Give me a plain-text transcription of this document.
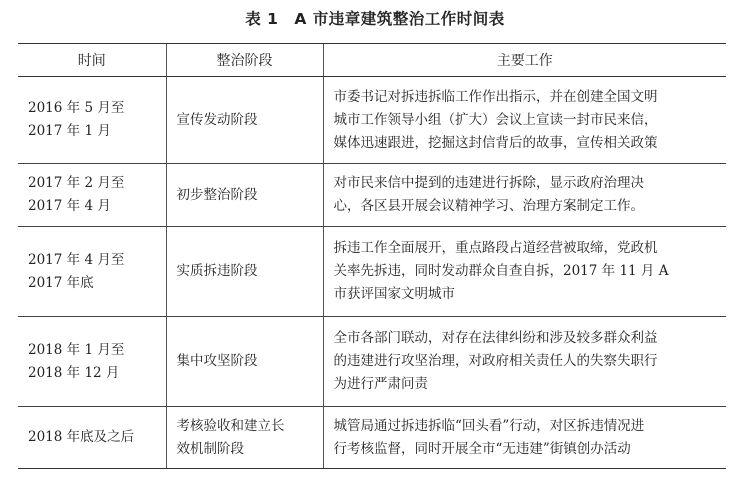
表 1　A 市违章建筑整治工作时间表
时间	整治阶段	主要工作

2016 年 5 月至
2017 年 1 月	宣传发动阶段	市委书记对拆违拆临工作作出指示，并在创建全国文明
城市工作领导小组（扩大）会议上宣读一封市民来信，
媒体迅速跟进，挖掘这封信背后的故事，宣传相关政策

2017 年 2 月至
2017 年 4 月	初步整治阶段	对市民来信中提到的违建进行拆除，显示政府治理决
心，各区县开展会议精神学习、治理方案制定工作。

2017 年 4 月至
2017 年底	实质拆违阶段	拆违工作全面展开，重点路段占道经营被取缔，党政机
关率先拆违，同时发动群众自查自拆，2017 年 11 月 A
市获评国家文明城市

2018 年 1 月至
2018 年 12 月	集中攻坚阶段	全市各部门联动，对存在法律纠纷和涉及较多群众利益
的违建进行攻坚治理，对政府相关责任人的失察失职行
为进行严肃问责

2018 年底及之后	考核验收和建立长
效机制阶段	城管局通过拆违拆临“回头看”行动，对区拆违情况进
行考核监督，同时开展全市“无违建”街镇创办活动
